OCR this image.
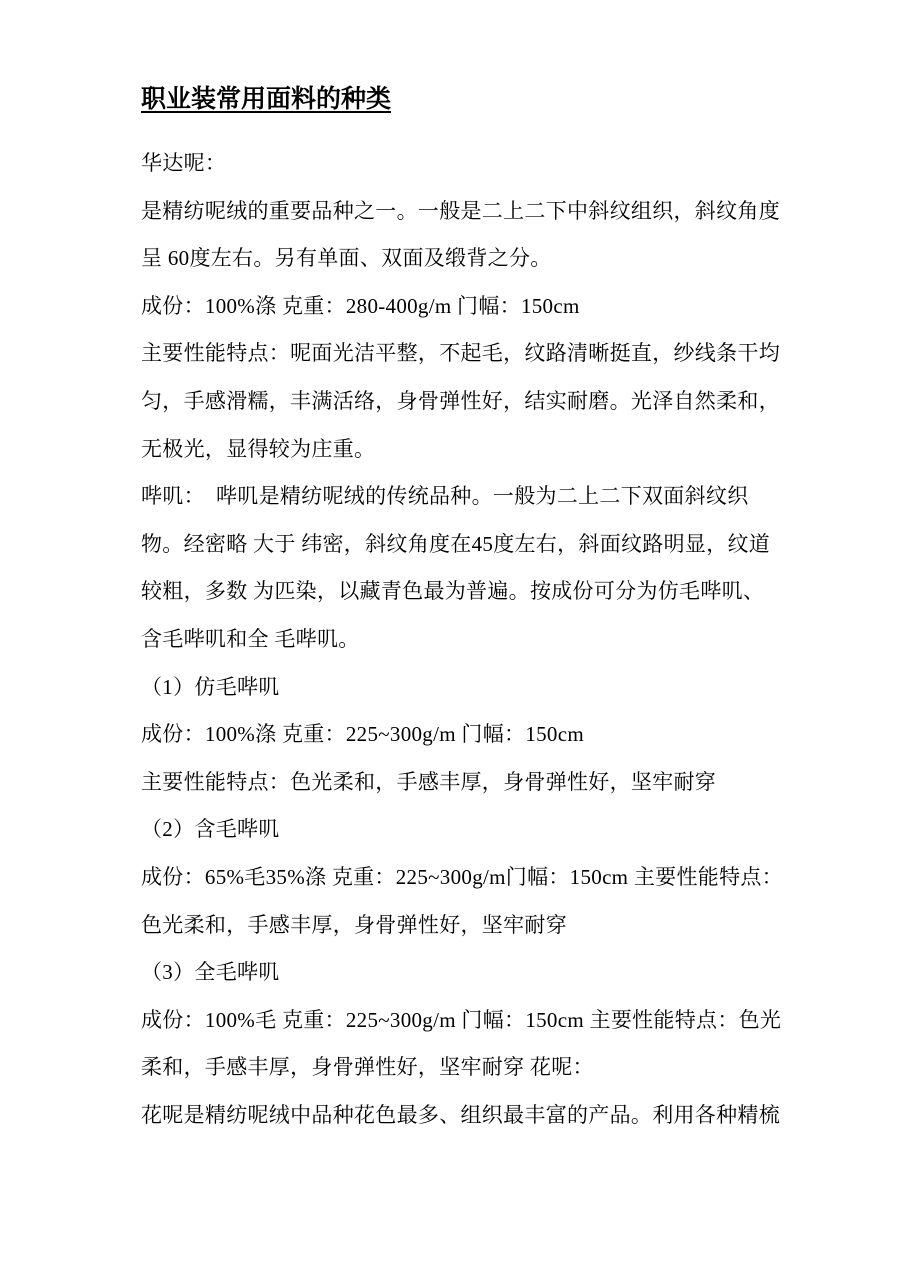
职业装常用面料的种类
华达呢：
是精纺呢绒的重要品种之一。一般是二上二下中斜纹组织，斜纹角度
呈 60度左右。另有单面、双面及缎背之分。
成份：100%涤 克重：280-400g/m 门幅：150cm
主要性能特点：呢面光洁平整，不起毛，纹路清晰挺直，纱线条干均
匀，手感滑糯，丰满活络，身骨弹性好，结实耐磨。光泽自然柔和，
无极光，显得较为庄重。
哔叽：  哔叽是精纺呢绒的传统品种。一般为二上二下双面斜纹织
物。经密略 大于 纬密，斜纹角度在45度左右，斜面纹路明显，纹道
较粗，多数 为匹染，以藏青色最为普遍。按成份可分为仿毛哔叽、
含毛哔叽和全 毛哔叽。
（1）仿毛哔叽
成份：100%涤 克重：225~300g/m 门幅：150cm
主要性能特点：色光柔和，手感丰厚，身骨弹性好，坚牢耐穿
（2）含毛哔叽
成份：65%毛35%涤 克重：225~300g/m门幅：150cm 主要性能特点：
色光柔和，手感丰厚，身骨弹性好，坚牢耐穿
（3）全毛哔叽
成份：100%毛 克重：225~300g/m 门幅：150cm 主要性能特点：色光
柔和，手感丰厚，身骨弹性好，坚牢耐穿 花呢：
花呢是精纺呢绒中品种花色最多、组织最丰富的产品。利用各种精梳
